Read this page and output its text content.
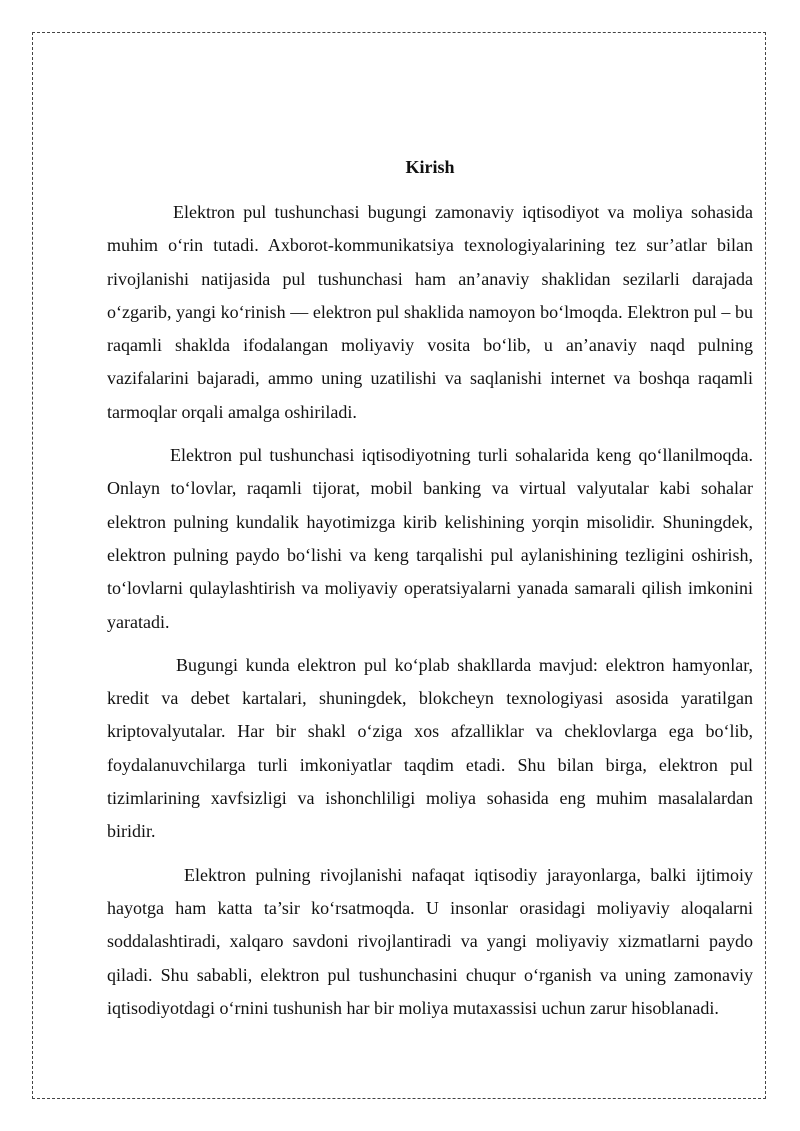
Kirish

Elektron pul tushunchasi bugungi zamonaviy iqtisodiyot va moliya sohasida muhim o‘rin tutadi. Axborot-kommunikatsiya texnologiyalarining tez sur’atlar bilan rivojlanishi natijasida pul tushunchasi ham an’anaviy shaklidan sezilarli darajada o‘zgarib, yangi ko‘rinish — elektron pul shaklida namoyon bo‘lmoqda. Elektron pul – bu raqamli shaklda ifodalangan moliyaviy vosita bo‘lib, u an’anaviy naqd pulning vazifalarini bajaradi, ammo uning uzatilishi va saqlanishi internet va boshqa raqamli tarmoqlar orqali amalga oshiriladi.

Elektron pul tushunchasi iqtisodiyotning turli sohalarida keng qo‘llanilmoqda. Onlayn to‘lovlar, raqamli tijorat, mobil banking va virtual valyutalar kabi sohalar elektron pulning kundalik hayotimizga kirib kelishining yorqin misolidir. Shuningdek, elektron pulning paydo bo‘lishi va keng tarqalishi pul aylanishining tezligini oshirish, to‘lovlarni qulaylashtirish va moliyaviy operatsiyalarni yanada samarali qilish imkonini yaratadi.

Bugungi kunda elektron pul ko‘plab shakllarda mavjud: elektron hamyonlar, kredit va debet kartalari, shuningdek, blokcheyn texnologiyasi asosida yaratilgan kriptovalyutalar. Har bir shakl o‘ziga xos afzalliklar va cheklovlarga ega bo‘lib, foydalanuvchilarga turli imkoniyatlar taqdim etadi. Shu bilan birga, elektron pul tizimlarining xavfsizligi va ishonchliligi moliya sohasida eng muhim masalalardan biridir.

Elektron pulning rivojlanishi nafaqat iqtisodiy jarayonlarga, balki ijtimoiy hayotga ham katta ta’sir ko‘rsatmoqda. U insonlar orasidagi moliyaviy aloqalarni soddalashtiradi, xalqaro savdoni rivojlantiradi va yangi moliyaviy xizmatlarni paydo qiladi. Shu sababli, elektron pul tushunchasini chuqur o‘rganish va uning zamonaviy iqtisodiyotdagi o‘rnini tushunish har bir moliya mutaxassisi uchun zarur hisoblanadi.
